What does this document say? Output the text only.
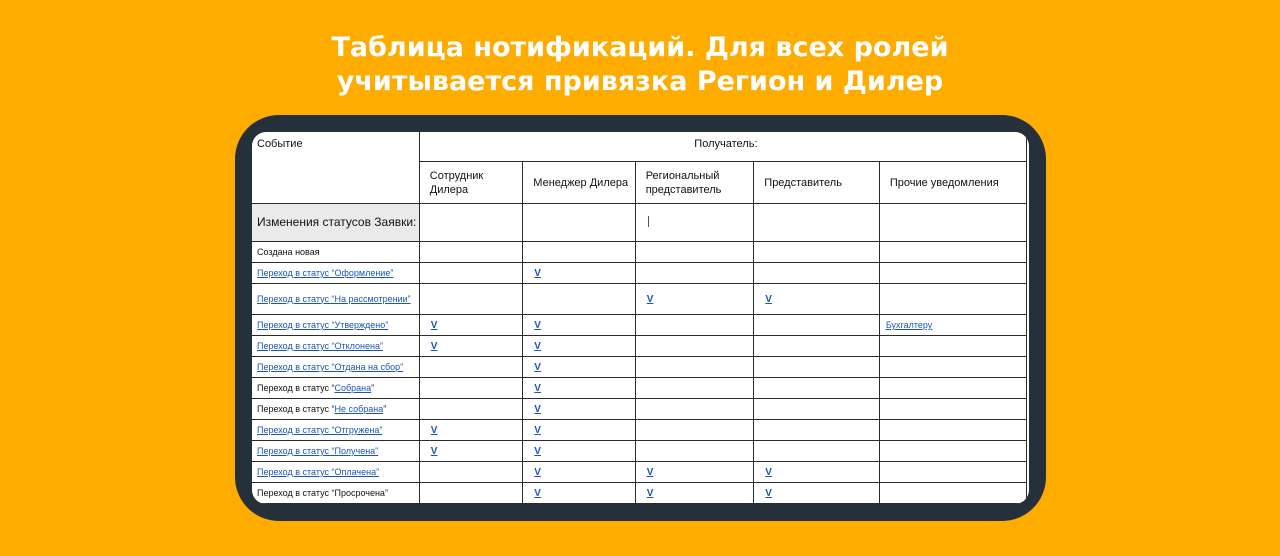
Таблица нотификаций. Для всех ролей
учитывается привязка Регион и Дилер
Событие	Получатель:				
	Сотрудник Дилера	Менеджер Дилера	Региональный представитель	Представитель	Прочие уведомления
Изменения статусов Заявки:					
Создана новая					
Переход в статус “Оформление”		V			
Переход в статус “На рассмотрении”			V	V	
Переход в статус “Утверждено”	V	V			Бухгалтеру
Переход в статус “Отклонена”	V	V			
Переход в статус “Отдана на сбор”		V			
Переход в статус “Собрана”		V			
Переход в статус “Не собрана”		V			
Переход в статус “Отгружена”	V	V			
Переход в статус “Получена”	V	V			
Переход в статус “Оплачена”		V	V	V	
Переход в статус “Просрочена”		V	V	V	
